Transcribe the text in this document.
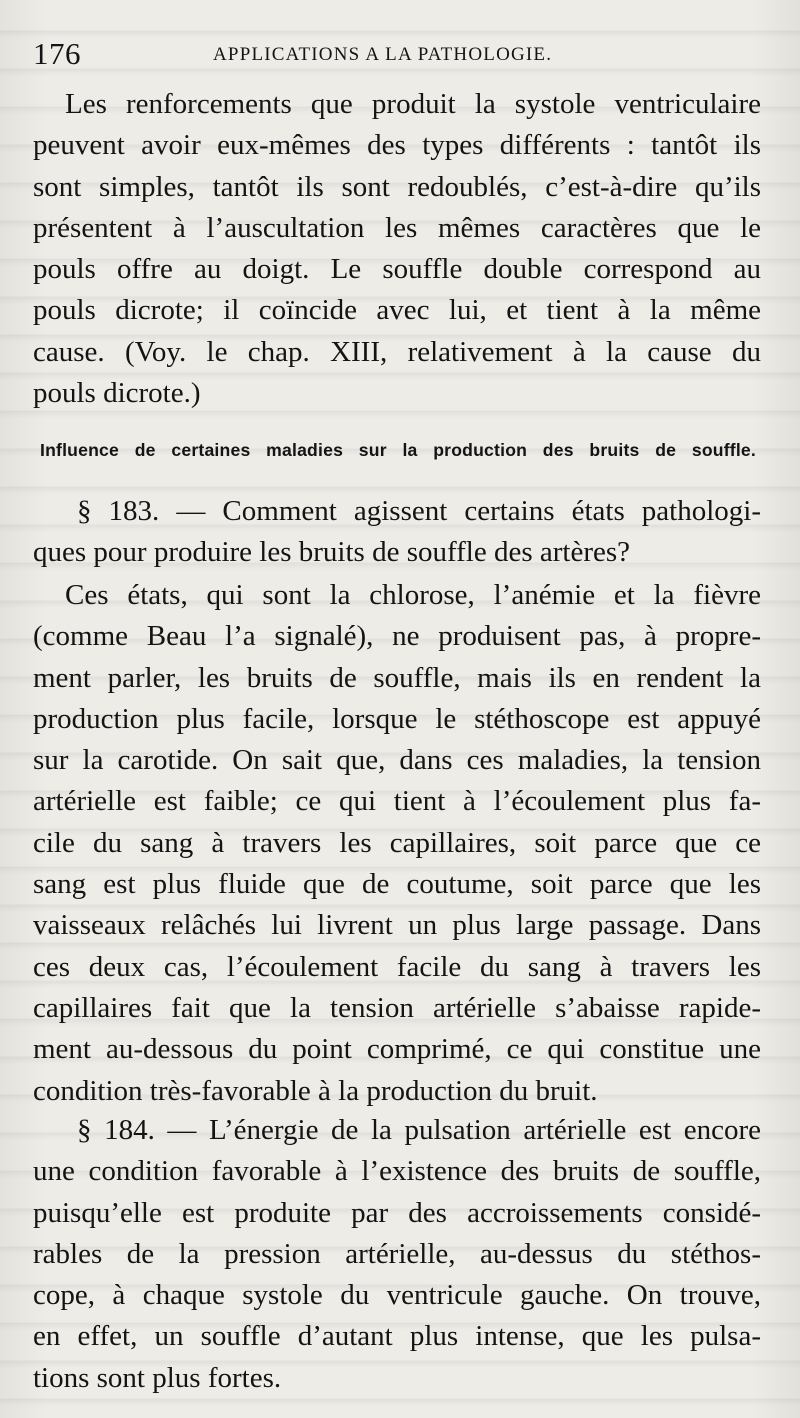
176	APPLICATIONS A LA PATHOLOGIE.
Les renforcements que produit la systole ventriculaire
peuvent avoir eux-mêmes des types différents : tantôt ils
sont simples, tantôt ils sont redoublés, c’est-à-dire qu’ils
présentent à l’auscultation les mêmes caractères que le
pouls offre au doigt. Le souffle double correspond au
pouls dicrote; il coïncide avec lui, et tient à la même
cause. (Voy. le chap. XIII, relativement à la cause du
pouls dicrote.)
Influence de certaines maladies sur la production des bruits de souffle.
§ 183. — Comment agissent certains états pathologi-
ques pour produire les bruits de souffle des artères?
Ces états, qui sont la chlorose, l’anémie et la fièvre
(comme Beau l’a signalé), ne produisent pas, à propre-
ment parler, les bruits de souffle, mais ils en rendent la
production plus facile, lorsque le stéthoscope est appuyé
sur la carotide. On sait que, dans ces maladies, la tension
artérielle est faible; ce qui tient à l’écoulement plus fa-
cile du sang à travers les capillaires, soit parce que ce
sang est plus fluide que de coutume, soit parce que les
vaisseaux relâchés lui livrent un plus large passage. Dans
ces deux cas, l’écoulement facile du sang à travers les
capillaires fait que la tension artérielle s’abaisse rapide-
ment au-dessous du point comprimé, ce qui constitue une
condition très-favorable à la production du bruit.
§ 184. — L’énergie de la pulsation artérielle est encore
une condition favorable à l’existence des bruits de souffle,
puisqu’elle est produite par des accroissements considé-
rables de la pression artérielle, au-dessus du stéthos-
cope, à chaque systole du ventricule gauche. On trouve,
en effet, un souffle d’autant plus intense, que les pulsa-
tions sont plus fortes.
